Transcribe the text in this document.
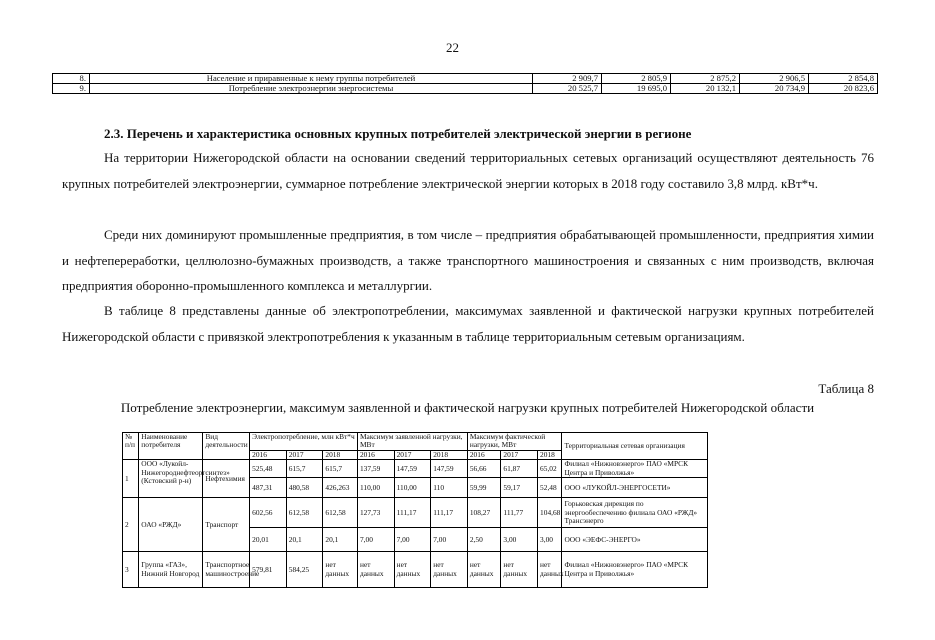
22
8.	Население и приравненные к нему группы потребителей	2 909,7	2 805,9	2 875,2	2 906,5	2 854,8
9.	Потребление электроэнергии энергосистемы	20 525,7	19 695,0	20 132,1	20 734,9	20 823,6
2.3. Перечень и характеристика основных крупных потребителей электрической энергии в регионе

На территории Нижегородской области на основании сведений территориальных сетевых организаций осуществляют деятельность 76 крупных потребителей электроэнергии, суммарное потребление электрической энергии которых в 2018 году составило 3,8 млрд. кВт*ч.

Среди них доминируют промышленные предприятия, в том числе – предприятия обрабатывающей промышленности, предприятия химии и нефтепереработки, целлюлозно-бумажных производств, а также транспортного машиностроения и связанных с ним производств, включая предприятия оборонно-промышленного комплекса и металлургии.

В таблице 8 представлены данные об электропотреблении, максимумах заявленной и фактической нагрузки крупных потребителей Нижегородской области с привязкой электропотребления к указанным в таблице территориальным сетевым организациям.

Таблица 8
Потребление электроэнергии, максимум заявленной и фактической нагрузки крупных потребителей Нижегородской области
№ п/п	Наименование потребителя	Вид деятельности	Электропотребление, млн кВт*ч			Максимум заявленной нагрузки, МВт			Максимум фактической нагрузки, МВт			Территориальная сетевая организация
			2016	2017	2018	2016	2017	2018	2016	2017	2018	
1	ООО «Лукойл-Нижегороднефтеоргсинтез» (Кстовский р-н)	Нефтехимия	525,48	615,7	615,7	137,59	147,59	147,59	56,66	61,87	65,02	Филиал «Нижновэнерго» ПАО «МРСК Центра и Приволжья»
			487,31	480,58	426,263	110,00	110,00	110	59,99	59,17	52,48	ООО «ЛУКОЙЛ-ЭНЕРГОСЕТИ»
2	ОАО «РЖД»	Транспорт	602,56	612,58	612,58	127,73	111,17	111,17	108,27	111,77	104,68	Горьковская дирекция по энергообеспечению филиала ОАО «РЖД» Трансэнерго
			20,01	20,1	20,1	7,00	7,00	7,00	2,50	3,00	3,00	ООО «ЭЕФС-ЭНЕРГО»
3	Группа «ГАЗ», Нижний Новгород	Транспортное машиностроение	579,81	584,25	нет данных	нет данных	нет данных	нет данных	нет данных	нет данных	нет данных	Филиал «Нижновэнерго» ПАО «МРСК Центра и Приволжья»
